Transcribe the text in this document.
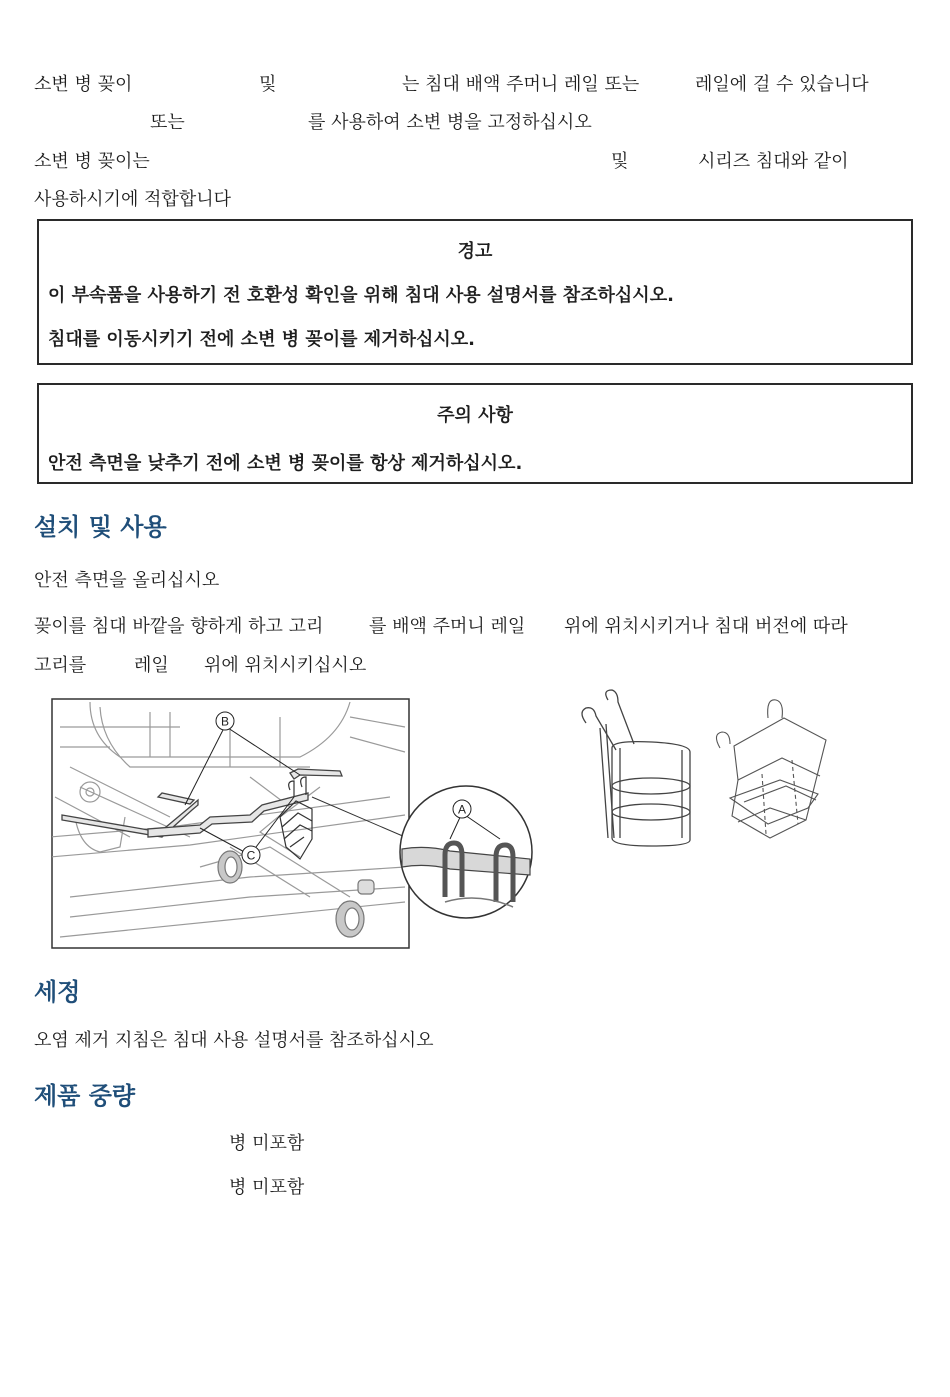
소변 병 꽂이	및	는 침대 배액 주머니 레일 또는	레일에 걸 수 있습니다
또는	를 사용하여 소변 병을 고정하십시오
소변 병 꽂이는	및	시리즈 침대와 같이
사용하시기에 적합합니다
경고
이 부속품을 사용하기 전 호환성 확인을 위해 침대 사용 설명서를 참조하십시오.
침대를 이동시키기 전에 소변 병 꽂이를 제거하십시오.
주의 사항
안전 측면을 낮추기 전에 소변 병 꽂이를 항상 제거하십시오.
설치 및 사용
안전 측면을 올리십시오
꽂이를 침대 바깥을 향하게 하고 고리	를 배액 주머니 레일 위에 위치시키거나 침대 버전에 따라
고리를	레일 위에 위치시키십시오
B
C
A
세정
오염 제거 지침은 침대 사용 설명서를 참조하십시오
제품 중량
병 미포함
병 미포함
